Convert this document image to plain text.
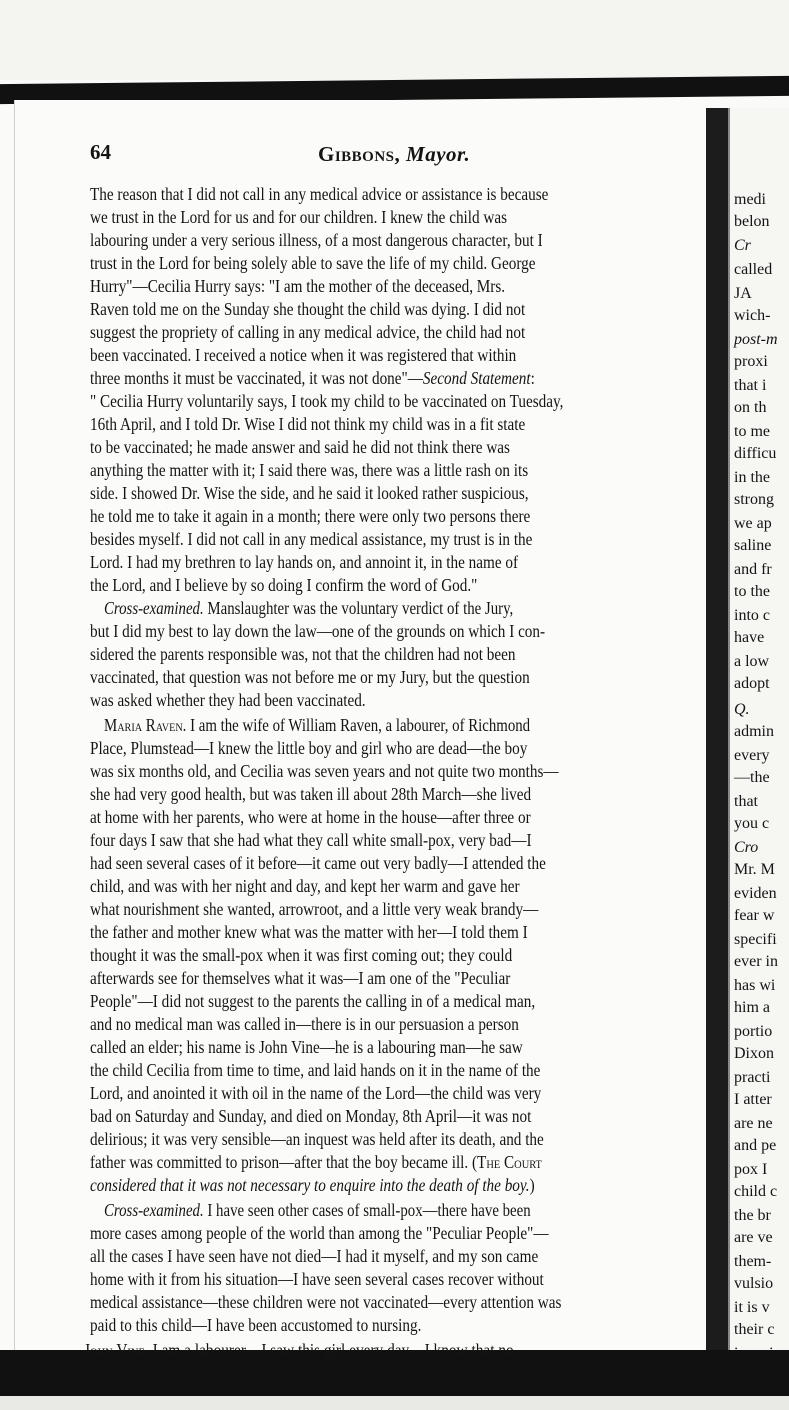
medi
belon
Cr
called
JA
wich-
post-m
proxi
that i
on th
to me
difficu
in the
strong
we ap
saline
and fr
to the
into c
have
a low
adopt
Q.
admin
every
—the
that
you c
Cro
Mr. M
eviden
fear w
specifi
ever in
has wi
him a
portio
Dixon
practi
I atter
are ne
and pe
pox I
child c
the br
are ve
them-
vulsio
it is v
their c
64	Gibbons, Mayor.
The reason that I did not call in any medical advice or assistance is because
we trust in the Lord for us and for our children. I knew the child was
labouring under a very serious illness, of a most dangerous character, but I
trust in the Lord for being solely able to save the life of my child. George
Hurry"—Cecilia Hurry says: "I am the mother of the deceased, Mrs.
Raven told me on the Sunday she thought the child was dying. I did not
suggest the propriety of calling in any medical advice, the child had not
been vaccinated. I received a notice when it was registered that within
three months it must be vaccinated, it was not done"—Second Statement:
" Cecilia Hurry voluntarily says, I took my child to be vaccinated on Tuesday,
16th April, and I told Dr. Wise I did not think my child was in a fit state
to be vaccinated; he made answer and said he did not think there was
anything the matter with it; I said there was, there was a little rash on its
side. I showed Dr. Wise the side, and he said it looked rather suspicious,
he told me to take it again in a month; there were only two persons there
besides myself. I did not call in any medical assistance, my trust is in the
Lord. I had my brethren to lay hands on, and annoint it, in the name of
the Lord, and I believe by so doing I confirm the word of God."
Cross-examined. Manslaughter was the voluntary verdict of the Jury,
but I did my best to lay down the law—one of the grounds on which I con-
sidered the parents responsible was, not that the children had not been
vaccinated, that question was not before me or my Jury, but the question
was asked whether they had been vaccinated.
Maria Raven. I am the wife of William Raven, a labourer, of Richmond
Place, Plumstead—I knew the little boy and girl who are dead—the boy
was six months old, and Cecilia was seven years and not quite two months—
she had very good health, but was taken ill about 28th March—she lived
at home with her parents, who were at home in the house—after three or
four days I saw that she had what they call white small-pox, very bad—I
had seen several cases of it before—it came out very badly—I attended the
child, and was with her night and day, and kept her warm and gave her
what nourishment she wanted, arrowroot, and a little very weak brandy—
the father and mother knew what was the matter with her—I told them I
thought it was the small-pox when it was first coming out; they could
afterwards see for themselves what it was—I am one of the "Peculiar
People"—I did not suggest to the parents the calling in of a medical man,
and no medical man was called in—there is in our persuasion a person
called an elder; his name is John Vine—he is a labouring man—he saw
the child Cecilia from time to time, and laid hands on it in the name of the
Lord, and anointed it with oil in the name of the Lord—the child was very
bad on Saturday and Sunday, and died on Monday, 8th April—it was not
delirious; it was very sensible—an inquest was held after its death, and the
father was committed to prison—after that the boy became ill. (The Court
considered that it was not necessary to enquire into the death of the boy.)
Cross-examined. I have seen other cases of small-pox—there have been
more cases among people of the world than among the "Peculiar People"—
all the cases I have seen have not died—I had it myself, and my son came
home with it from his situation—I have seen several cases recover without
medical assistance—these children were not vaccinated—every attention was
paid to this child—I have been accustomed to nursing.
John Vine. I am a labourer—I saw this girl every day—I know that no
